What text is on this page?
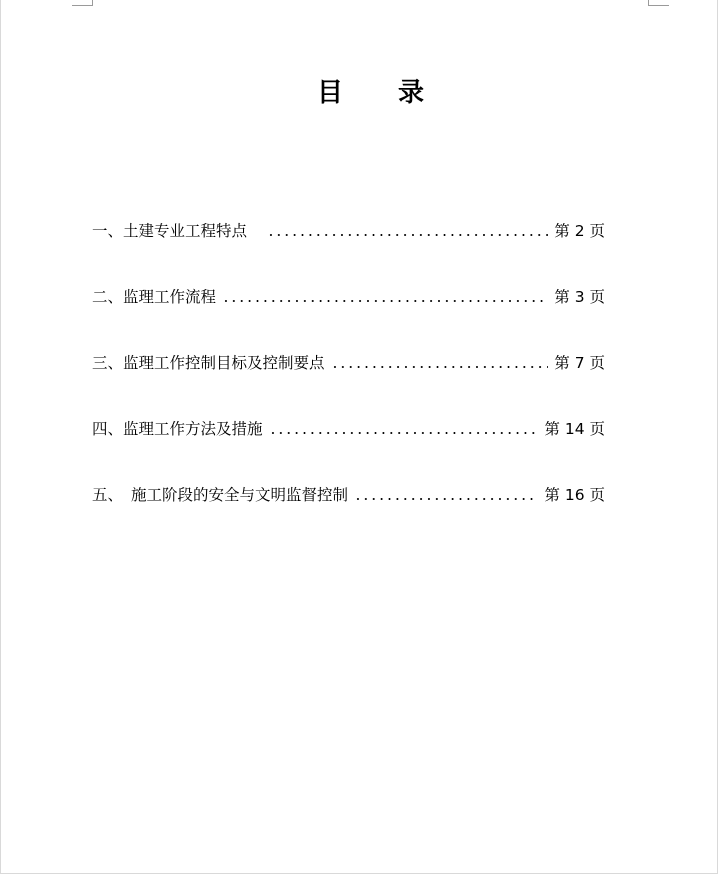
目 录
一、土建专业工程特点	第 2 页
二、监理工作流程	第 3 页
三、监理工作控制目标及控制要点	第 7 页
四、监理工作方法及措施	第 14 页
五、 施工阶段的安全与文明监督控制	第 16 页
